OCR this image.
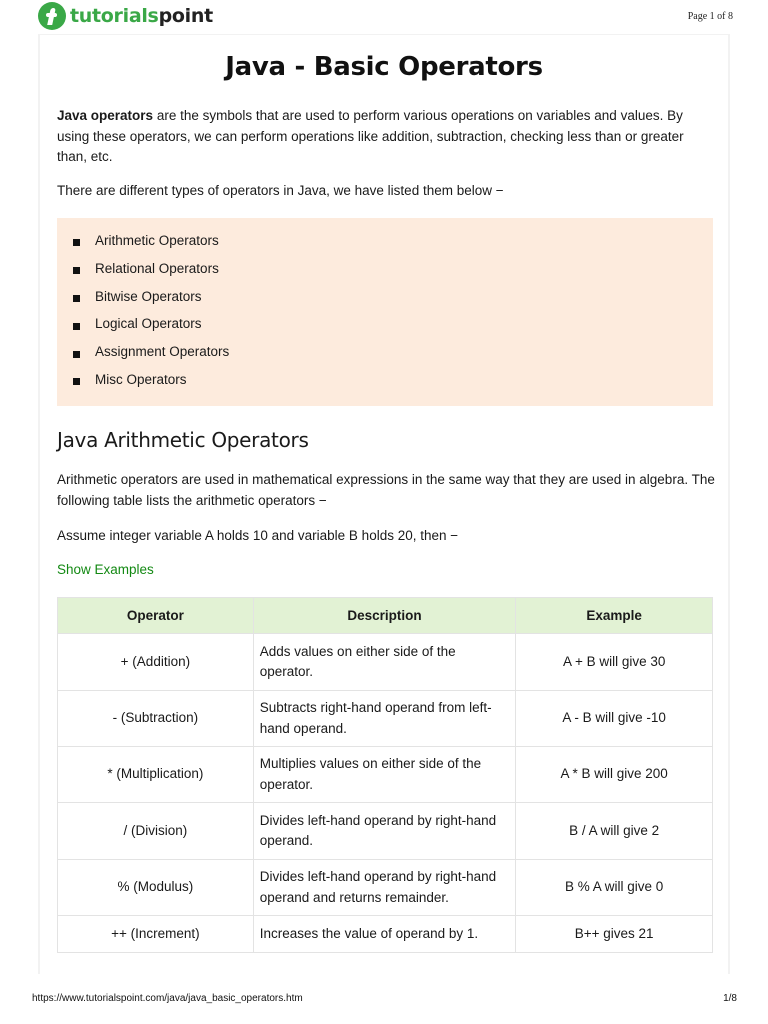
tutorialspoint	Page 1 of 8
Java - Basic Operators
Java operators are the symbols that are used to perform various operations on variables and values. By using these operators, we can perform operations like addition, subtraction, checking less than or greater than, etc.
There are different types of operators in Java, we have listed them below −
Arithmetic Operators
Relational Operators
Bitwise Operators
Logical Operators
Assignment Operators
Misc Operators
Java Arithmetic Operators
Arithmetic operators are used in mathematical expressions in the same way that they are used in algebra. The following table lists the arithmetic operators −
Assume integer variable A holds 10 and variable B holds 20, then −
Show Examples
Operator	Description	Example
+ (Addition)	Adds values on either side of the operator.	A + B will give 30
- (Subtraction)	Subtracts right-hand operand from left-hand operand.	A - B will give -10
* (Multiplication)	Multiplies values on either side of the operator.	A * B will give 200
/ (Division)	Divides left-hand operand by right-hand operand.	B / A will give 2
% (Modulus)	Divides left-hand operand by right-hand operand and returns remainder.	B % A will give 0
++ (Increment)	Increases the value of operand by 1.	B++ gives 21
https://www.tutorialspoint.com/java/java_basic_operators.htm	1/8
